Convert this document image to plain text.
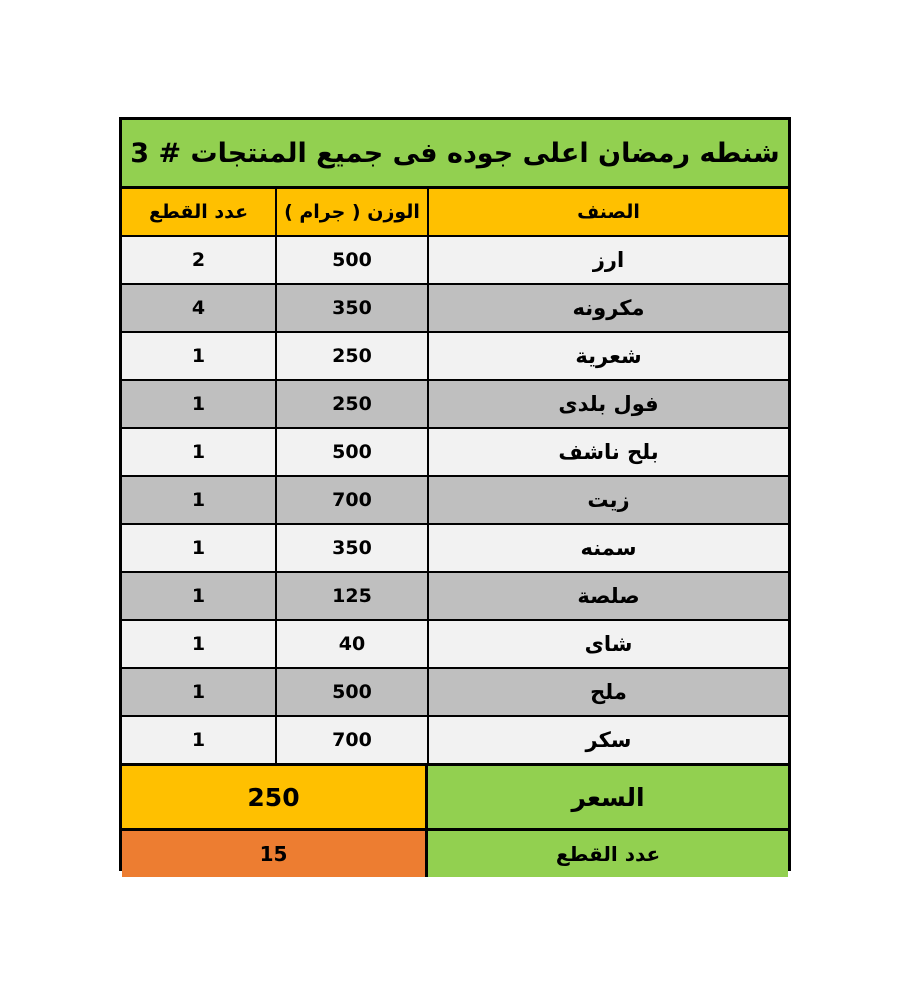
شنطه رمضان اعلى جوده فى جميع المنتجات # 3
عدد القطع	الوزن ( جرام )	الصنف
2	500	ارز
4	350	مكرونه
1	250	شعرية
1	250	فول بلدى
1	500	بلح ناشف
1	700	زيت
1	350	سمنه
1	125	صلصة
1	40	شاى
1	500	ملح
1	700	سكر
250	السعر
15	عدد القطع
